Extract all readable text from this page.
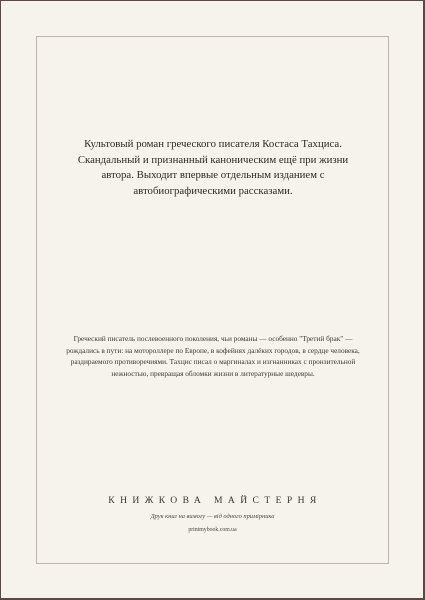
Культовый роман греческого писателя Костаса Тахциса. Скандальный и признанный каноническим ещё при жизни автора. Выходит впервые отдельным изданием с автобиографическими рассказами.

Греческий писатель послевоенного поколения, чьи романы — особенно "Третий брак" — рождались в пути: на мотороллере по Европе, в кофейнях далёких городов, в сердце человека, раздираемого противоречиями. Тахцис писал о маргиналах и изгнанниках с пронзительной нежностью, превращая обломки жизни в литературные шедевры.

КНИЖКОВА МАЙСТЕРНЯ
Друк книг на вимогу — від одного примірника
printmybook.com.ua
